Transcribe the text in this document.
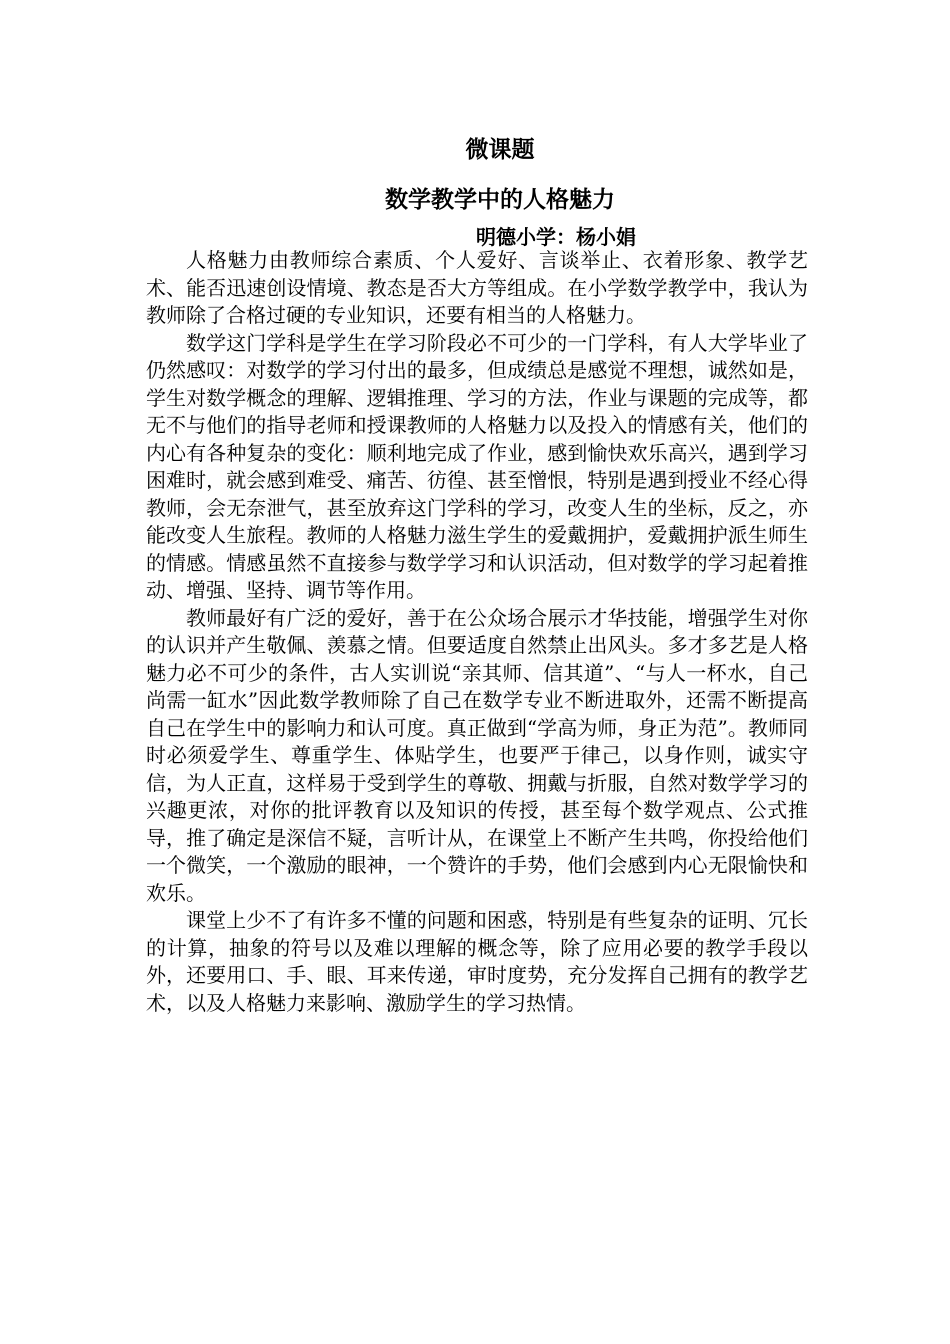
微课题
数学教学中的人格魅力
明德小学：杨小娟

人格魅力由教师综合素质、个人爱好、言谈举止、衣着形象、教学艺术、能否迅速创设情境、教态是否大方等组成。在小学数学教学中，我认为教师除了合格过硬的专业知识，还要有相当的人格魅力。

数学这门学科是学生在学习阶段必不可少的一门学科，有人大学毕业了仍然感叹：对数学的学习付出的最多，但成绩总是感觉不理想，诚然如是，学生对数学概念的理解、逻辑推理、学习的方法，作业与课题的完成等，都无不与他们的指导老师和授课教师的人格魅力以及投入的情感有关，他们的内心有各种复杂的变化：顺利地完成了作业，感到愉快欢乐高兴，遇到学习困难时，就会感到难受、痛苦、彷徨、甚至憎恨，特别是遇到授业不经心得教师，会无奈泄气，甚至放弃这门学科的学习，改变人生的坐标，反之，亦能改变人生旅程。教师的人格魅力滋生学生的爱戴拥护，爱戴拥护派生师生的情感。情感虽然不直接参与数学学习和认识活动，但对数学的学习起着推动、增强、坚持、调节等作用。

教师最好有广泛的爱好，善于在公众场合展示才华技能，增强学生对你的认识并产生敬佩、羡慕之情。但要适度自然禁止出风头。多才多艺是人格魅力必不可少的条件，古人实训说“亲其师、信其道”、“与人一杯水，自己尚需一缸水”因此数学教师除了自己在数学专业不断进取外，还需不断提高自己在学生中的影响力和认可度。真正做到“学高为师，身正为范”。教师同时必须爱学生、尊重学生、体贴学生，也要严于律己，以身作则，诚实守信，为人正直，这样易于受到学生的尊敬、拥戴与折服，自然对数学学习的兴趣更浓，对你的批评教育以及知识的传授，甚至每个数学观点、公式推导，推了确定是深信不疑，言听计从，在课堂上不断产生共鸣，你投给他们一个微笑，一个激励的眼神，一个赞许的手势，他们会感到内心无限愉快和欢乐。

课堂上少不了有许多不懂的问题和困惑，特别是有些复杂的证明、冗长的计算，抽象的符号以及难以理解的概念等，除了应用必要的教学手段以外，还要用口、手、眼、耳来传递，审时度势，充分发挥自己拥有的教学艺术，以及人格魅力来影响、激励学生的学习热情。
